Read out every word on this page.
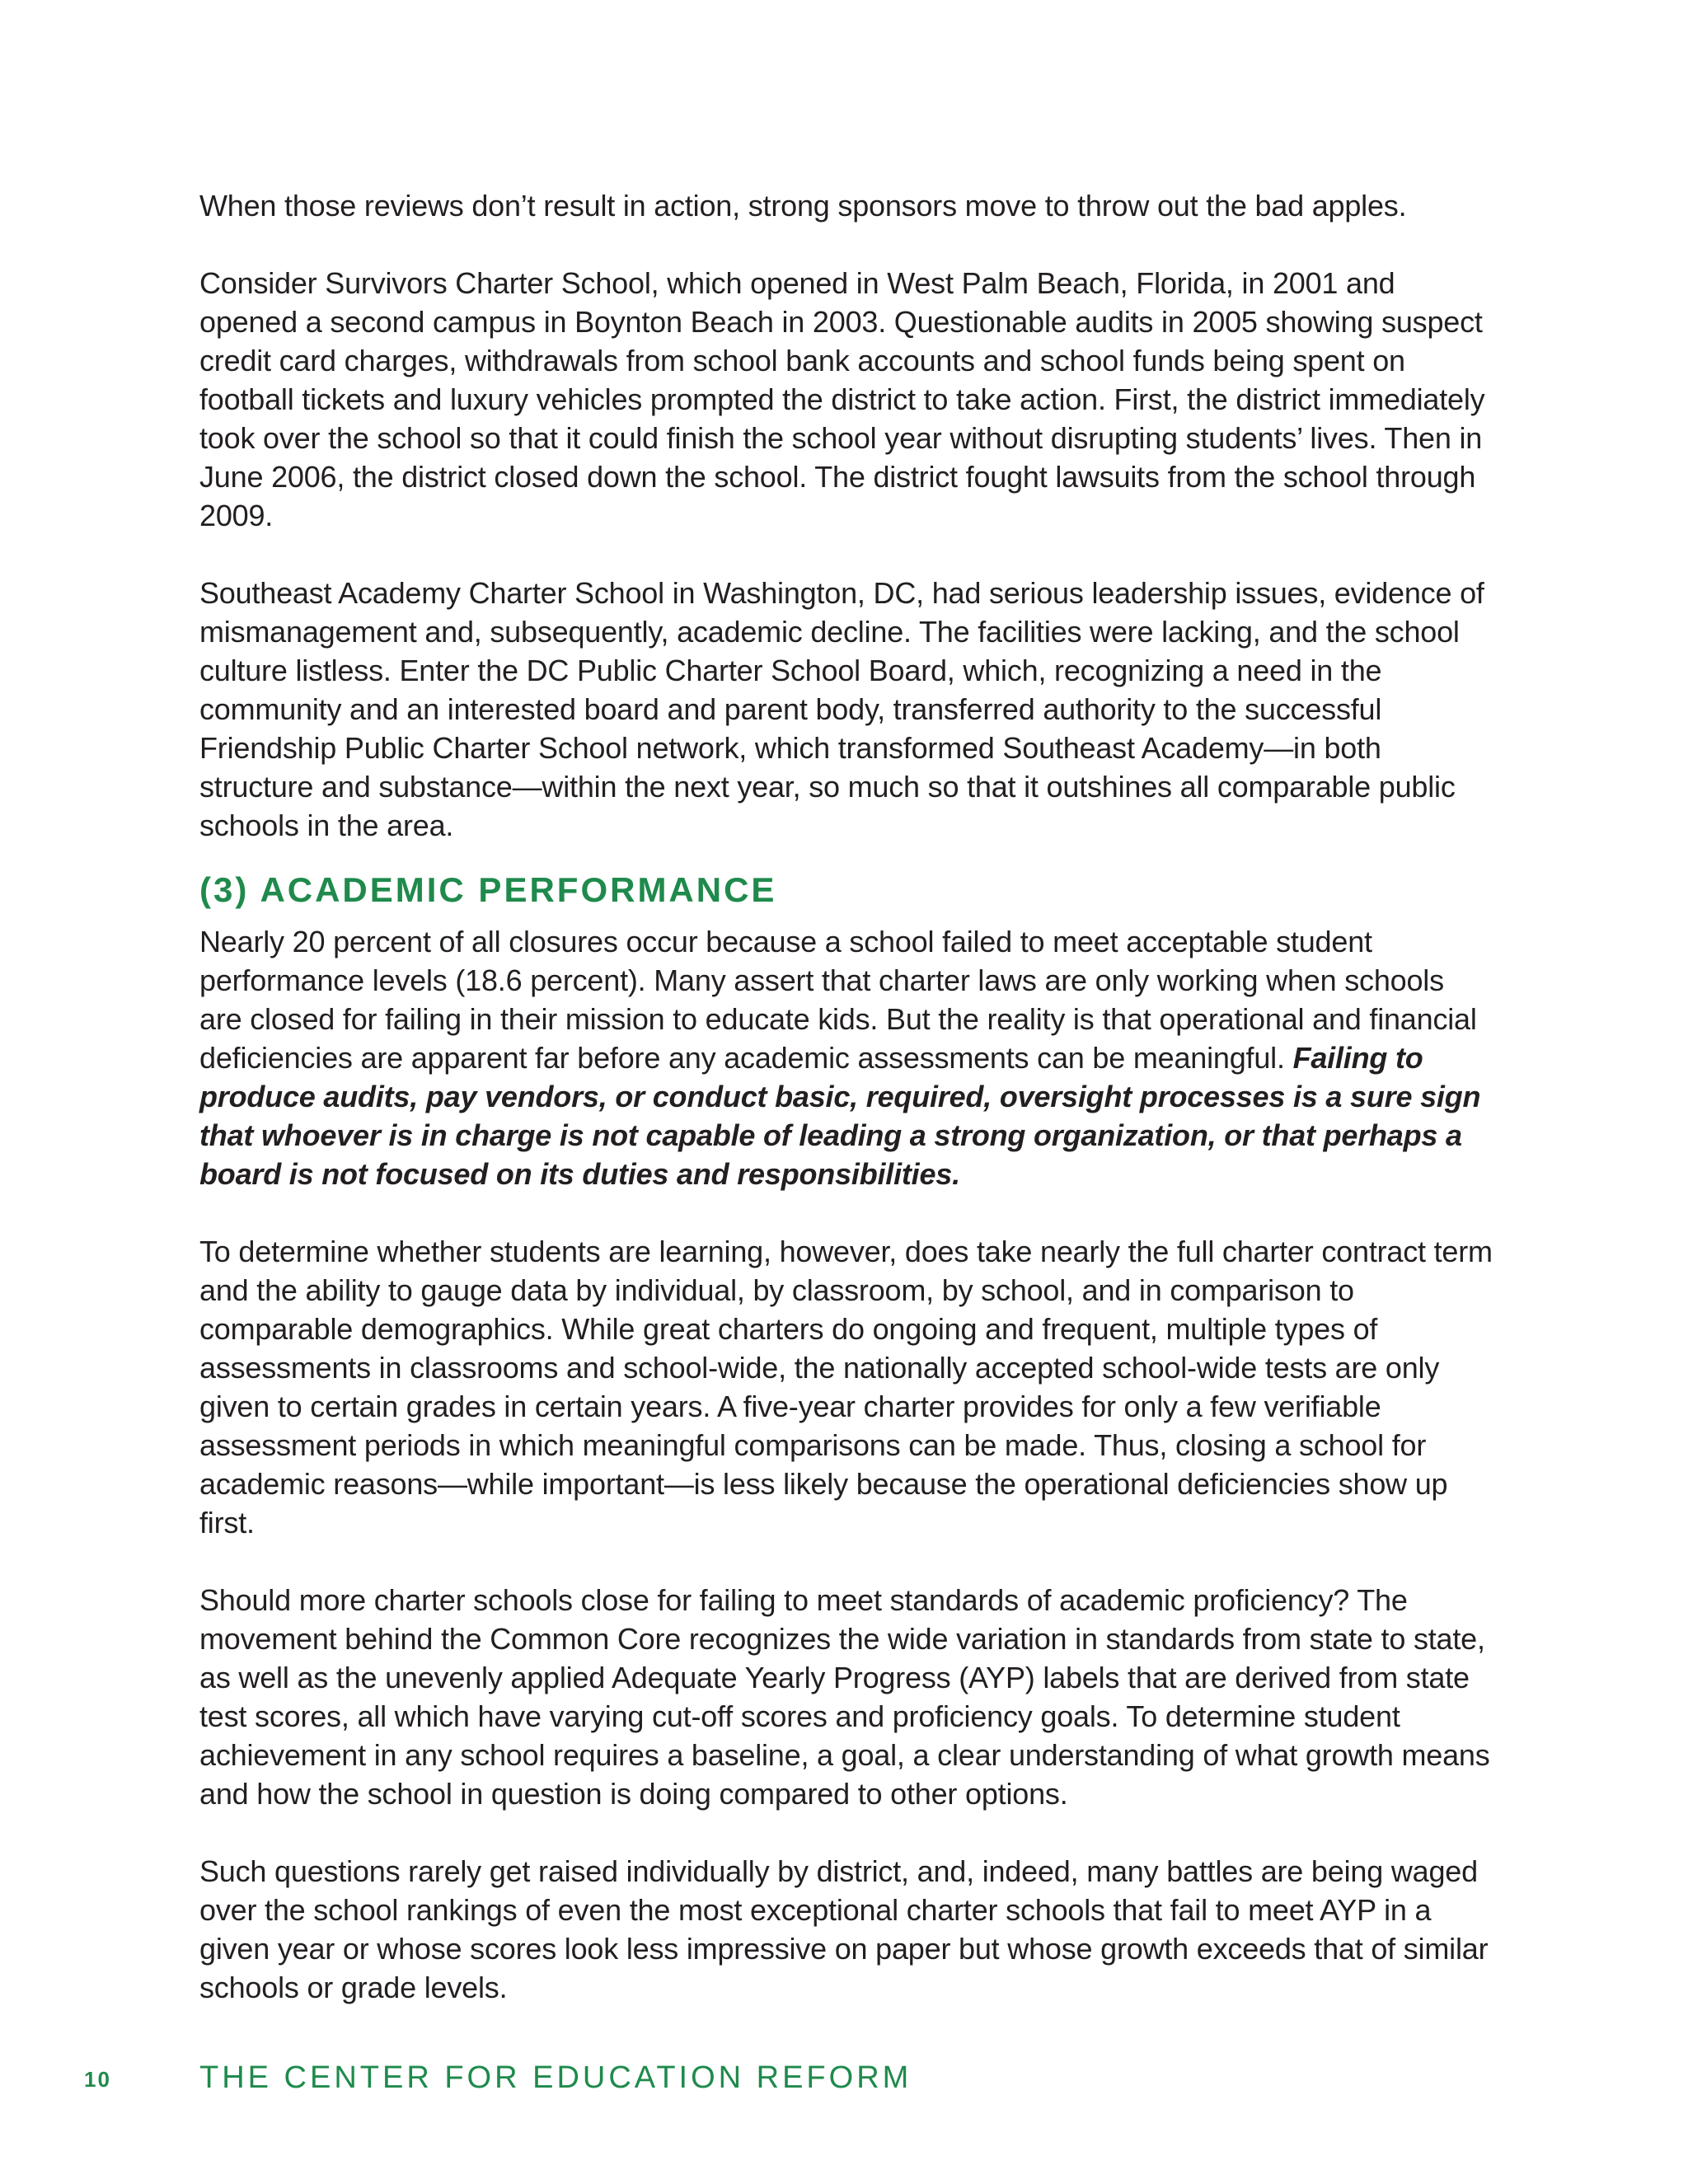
When those reviews don’t result in action, strong sponsors move to throw out the bad apples.

Consider Survivors Charter School, which opened in West Palm Beach, Florida, in 2001 and opened a second campus in Boynton Beach in 2003. Questionable audits in 2005 showing suspect credit card charges, withdrawals from school bank accounts and school funds being spent on football tickets and luxury vehicles prompted the district to take action. First, the district immediately took over the school so that it could finish the school year without disrupting students’ lives. Then in June 2006, the district closed down the school. The district fought lawsuits from the school through 2009.

Southeast Academy Charter School in Washington, DC, had serious leadership issues, evidence of mismanagement and, subsequently, academic decline. The facilities were lacking, and the school culture listless. Enter the DC Public Charter School Board, which, recognizing a need in the community and an interested board and parent body, transferred authority to the successful Friendship Public Charter School network, which transformed Southeast Academy—in both structure and substance—within the next year, so much so that it outshines all comparable public schools in the area.

(3) ACADEMIC PERFORMANCE

Nearly 20 percent of all closures occur because a school failed to meet acceptable student performance levels (18.6 percent). Many assert that charter laws are only working when schools are closed for failing in their mission to educate kids. But the reality is that operational and financial deficiencies are apparent far before any academic assessments can be meaningful. Failing to produce audits, pay vendors, or conduct basic, required, oversight processes is a sure sign that whoever is in charge is not capable of leading a strong organization, or that perhaps a board is not focused on its duties and responsibilities.

To determine whether students are learning, however, does take nearly the full charter contract term and the ability to gauge data by individual, by classroom, by school, and in comparison to comparable demographics. While great charters do ongoing and frequent, multiple types of assessments in classrooms and school-wide, the nationally accepted school-wide tests are only given to certain grades in certain years. A five-year charter provides for only a few verifiable assessment periods in which meaningful comparisons can be made. Thus, closing a school for academic reasons—while important—is less likely because the operational deficiencies show up first.

Should more charter schools close for failing to meet standards of academic proficiency? The movement behind the Common Core recognizes the wide variation in standards from state to state, as well as the unevenly applied Adequate Yearly Progress (AYP) labels that are derived from state test scores, all which have varying cut-off scores and proficiency goals. To determine student achievement in any school requires a baseline, a goal, a clear understanding of what growth means and how the school in question is doing compared to other options.

Such questions rarely get raised individually by district, and, indeed, many battles are being waged over the school rankings of even the most exceptional charter schools that fail to meet AYP in a given year or whose scores look less impressive on paper but whose growth exceeds that of similar schools or grade levels.

10	THE CENTER FOR EDUCATION REFORM
